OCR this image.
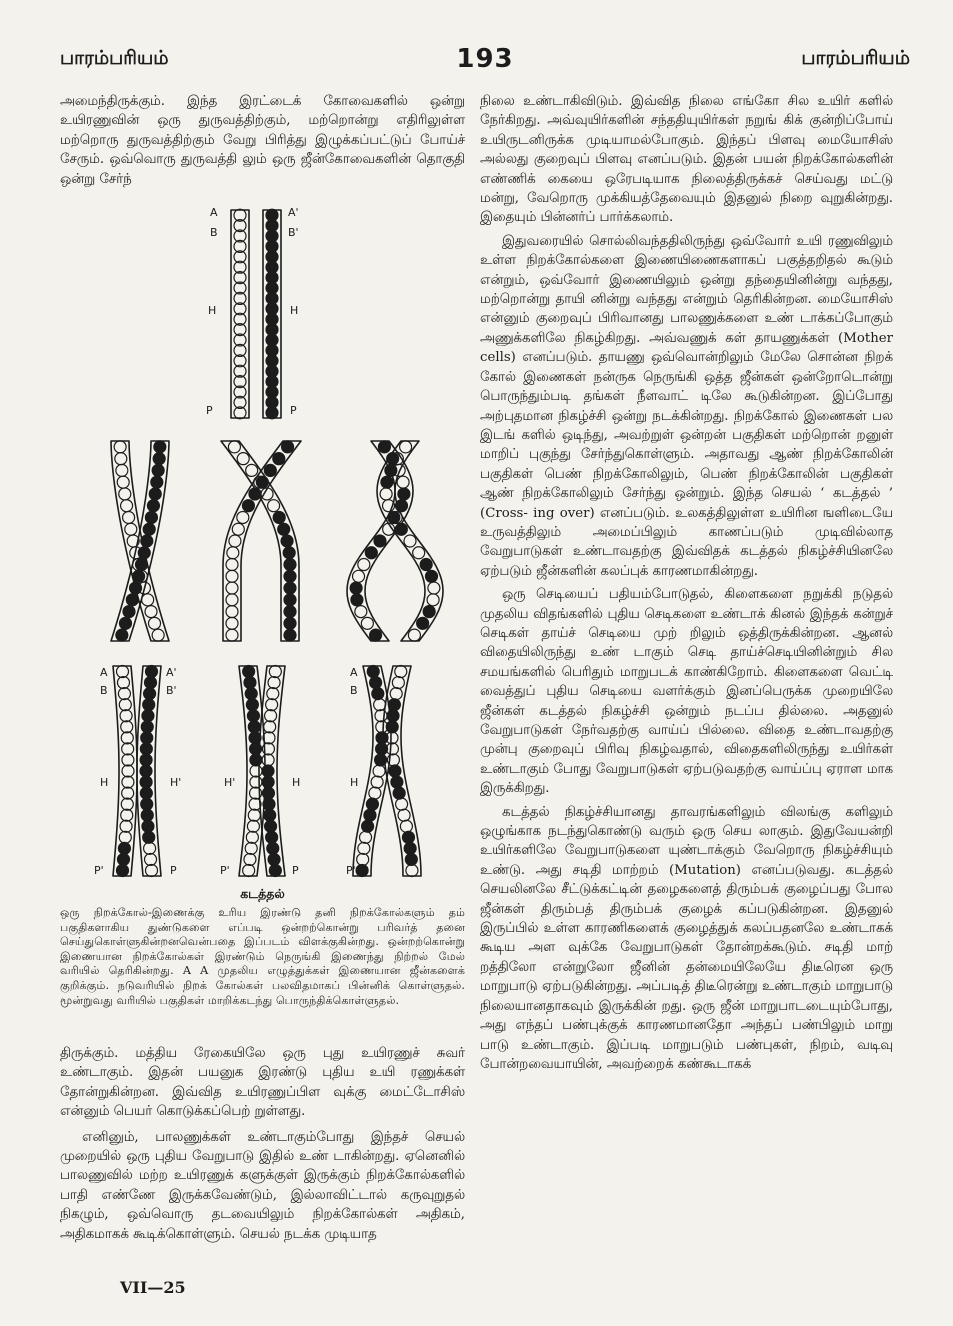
பாரம்பரியம்	193	பாரம்பரியம்

அமைந்திருக்கும். இந்த இரட்டைக் கோவைகளில் ஒன்று உயிரணுவின் ஒரு துருவத்திற்கும், மற்றொன்று எதிரிலுள்ள மற்றொரு துருவத்திற்கும் வேறு பிரித்து இழுக்கப்பட்டுப் போய்ச் சேரும். ஒவ்வொரு துருவத்தி லும் ஒரு ஜீன்கோவைகளின் தொகுதி ஒன்று சேர்ந்

A
B
H
P
A'
B'
H
P
A
B
H
P'
A'
B'
H'
P
H'
P'	P
H
A
B
H
P'
கடத்தல்
ஒரு நிறக்கோல்-இணைக்கு உரிய இரண்டு தனி நிறக்கோல்களும் தம் பகுதிகளாகிய துண்டுகளை எப்படி ஒன்றற்கொன்று பரிவர்த் தனை செய்துகொள்ளுகின்றனவென்பதை இப்படம் விளக்குகின்றது. ஒன்றற்கொன்று இணையான நிறக்கோல்கள் இரண்டும் நெருங்கி இணைந்து நிற்றல் மேல் வரியில் தெரிகின்றது. A A முதலிய எழுத்துக்கள் இணையான ஜீன்களைக் குறிக்கும். நடுவரியில் நிறக் கோல்கள் பலவிதமாகப் பின்னிக் கொள்ளுதல். மூன்றுவது வரியில் பகுதிகள் மாறிக்கடந்து பொருந்திக்கொள்ளுதல்.

திருக்கும். மத்திய ரேகையிலே ஒரு புது உயிரணுச் சுவர் உண்டாகும். இதன் பயனுக இரண்டு புதிய உயி ரணுக்கள் தோன்றுகின்றன. இவ்வித உயிரணுப்பிள வுக்கு மைட்டோசிஸ் என்னும் பெயர் கொடுக்கப்பெற் றுள்ளது.

எனினும், பாலணுக்கள் உண்டாகும்போது இந்தச் செயல் முறையில் ஒரு புதிய வேறுபாடு இதில் உண் டாகின்றது. ஏனெனில் பாலணுவில் மற்ற உயிரணுக் களுக்குள் இருக்கும் நிறக்கோல்களில் பாதி எண்ணே இருக்கவேண்டும், இல்லாவிட்டால் கருவுறுதல் நிகழும், ஒவ்வொரு தடவையிலும் நிறக்கோல்கள் அதிகம், அதிகமாகக் கூடிக்கொள்ளும். செயல் நடக்க முடியாத

நிலை உண்டாகிவிடும். இவ்வித நிலை எங்கோ சில உயிர் களில் நேர்கிறது. அவ்வுயிர்களின் சந்ததியுயிர்கள் நறுங் கிக் குன்றிப்போய் உயிருடனிருக்க முடியாமல்போகும். இந்தப் பிளவு மையோசிஸ் அல்லது குறைவுப் பிளவு எனப்படும். இதன் பயன் நிறக்கோல்களின் எண்ணிக் கையை ஒரேபடியாக நிலைத்திருக்கச் செய்வது மட்டு மன்று, வேறொரு முக்கியத்தேவையும் இதனுல் நிறை வுறுகின்றது. இதையும் பின்னர்ப் பார்க்கலாம்.

இதுவரையில் சொல்லிவந்ததிலிருந்து ஒவ்வோர் உயி ரணுவிலும் உள்ள நிறக்கோல்களை இணையிணைகளாகப் பகுத்தறிதல் கூடும் என்றும், ஒவ்வோர் இணையிலும் ஒன்று தந்தையினின்று வந்தது, மற்றொன்று தாயி னின்று வந்தது என்றும் தெரிகின்றன. மையோசிஸ் என்னும் குறைவுப் பிரிவானது பாலணுக்களை உண் டாக்கப்போகும் அணுக்களிலே நிகழ்கிறது. அவ்வணுக் கள் தாயணுக்கள் (Mother cells) எனப்படும். தாயணு ஒவ்வொன்றிலும் மேலே சொன்ன நிறக் கோல் இணைகள் நன்ருக நெருங்கி ஒத்த ஜீன்கள் ஒன்றோடொன்று பொருந்தும்படி தங்கள் நீளவாட் டிலே கூடுகின்றன. இப்போது அற்புதமான நிகழ்ச்சி ஒன்று நடக்கின்றது. நிறக்கோல் இணைகள் பல இடங் களில் ஒடிந்து, அவற்றுள் ஒன்றன் பகுதிகள் மற்றொன் றனுள் மாறிப் புகுந்து சேர்ந்துகொள்ளும். அதாவது ஆண் நிறக்கோலின் பகுதிகள் பெண் நிறக்கோலிலும், பெண் நிறக்கோலின் பகுதிகள் ஆண் நிறக்கோலிலும் சேர்ந்து ஒன்றும். இந்த செயல் ‘ கடத்தல் ’ (Cross- ing over) எனப்படும். உலகத்திலுள்ள உயிரின ஙளிடையே உருவத்திலும் அமைப்பிலும் காணப்படும் முடிவில்லாத வேறுபாடுகள் உண்டாவதற்கு இவ்விதக் கடத்தல் நிகழ்ச்சியினலே ஏற்படும் ஜீன்களின் கலப்புக் காரணமாகின்றது.

ஒரு செடியைப் பதியம்போடுதல், கிளைகளை நறுக்கி நடுதல் முதலிய விதங்களில் புதிய செடிகளை உண்டாக் கினல் இந்தக் கன்றுச் செடிகள் தாய்ச் செடியை முற் றிலும் ஒத்திருக்கின்றன. ஆனல் விதையிலிருந்து உண் டாகும் செடி தாய்ச்செடியினின்றும் சில சமயங்களில் பெரிதும் மாறுபடக் காண்கிறோம். கிளைகளை வெட்டி வைத்துப் புதிய செடியை வளர்க்கும் இனப்பெருக்க முறையிலே ஜீன்கள் கடத்தல் நிகழ்ச்சி ஒன்றும் நடப்ப தில்லை. அதனுல் வேறுபாடுகள் நேர்வதற்கு வாய்ப் பில்லை. விதை உண்டாவதற்கு முன்பு குறைவுப் பிரிவு நிகழ்வதால், விதைகளிலிருந்து உயிர்கள் உண்டாகும் போது வேறுபாடுகள் ஏற்படுவதற்கு வாய்ப்பு ஏராள மாக இருக்கிறது.

கடத்தல் நிகழ்ச்சியானது தாவரங்களிலும் விலங்கு களிலும் ஒழுங்காக நடந்துகொண்டு வரும் ஒரு செய லாகும். இதுவேயன்றி உயிர்களிலே வேறுபாடுகளை யுண்டாக்கும் வேறொரு நிகழ்ச்சியும் உண்டு. அது சடிதி மாற்றம் (Mutation) எனப்படுவது. கடத்தல் செயலினலே சீட்டுக்கட்டின் தழைகளைத் திரும்பக் குழைப்பது போல ஜீன்கள் திரும்பத் திரும்பக் குழைக் கப்படுகின்றன. இதனுல் இருப்பில் உள்ள காரணிகளைக் குழைத்துக் கலப்பதனலே உண்டாகக் கூடிய அள வுக்கே வேறுபாடுகள் தோன்றக்கூடும். சடிதி மாற் றத்திலோ என்றுலோ ஜீனின் தன்மையிலேயே திடீரென ஒரு மாறுபாடு ஏற்படுகின்றது. அப்படித் திடீரென்று உண்டாகும் மாறுபாடு நிலையானதாகவும் இருக்கின் றது. ஒரு ஜீன் மாறுபாடடையும்போது, அது எந்தப் பண்புக்குக் காரணமானதோ அந்தப் பண்பிலும் மாறு பாடு உண்டாகும். இப்படி மாறுபடும் பண்புகள், நிறம், வடிவு போன்றவையாயின், அவற்றைக் கண்கூடாகக்

VII—25
